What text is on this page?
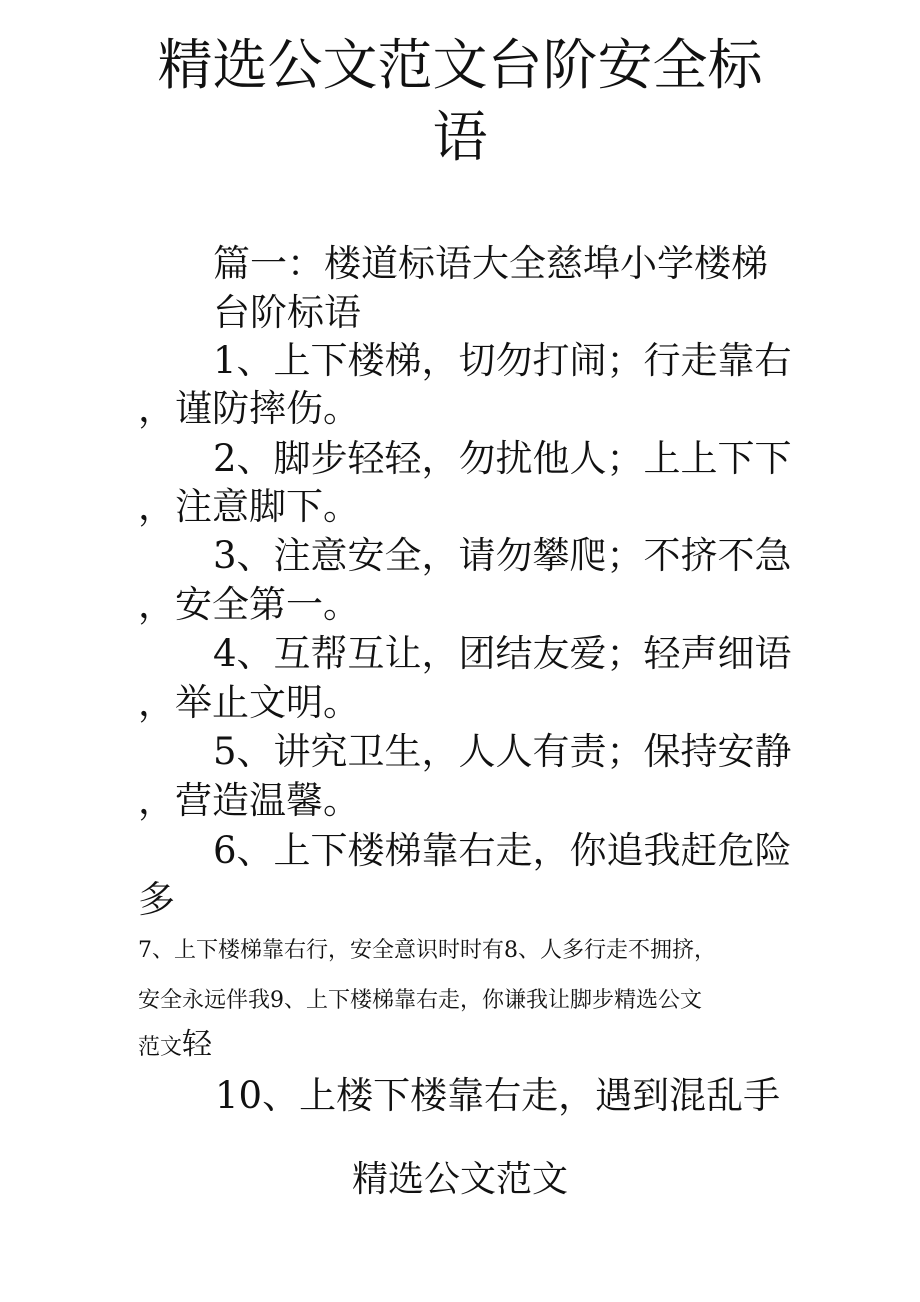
精选公文范文台阶安全标
语
篇一：楼道标语大全慈埠小学楼梯
台阶标语
1、上下楼梯，切勿打闹；行走靠右
，谨防摔伤。
2、脚步轻轻，勿扰他人；上上下下
，注意脚下。
3、注意安全，请勿攀爬；不挤不急
，安全第一。
4、互帮互让，团结友爱；轻声细语
，举止文明。
5、讲究卫生，人人有责；保持安静
，营造温馨。
6、上下楼梯靠右走，你追我赶危险
多
7、上下楼梯靠右行，安全意识时时有8、人多行走不拥挤，
安全永远伴我9、上下楼梯靠右走，你谦我让脚步精选公文
范文轻
10、上楼下楼靠右走，遇到混乱手
精选公文范文
